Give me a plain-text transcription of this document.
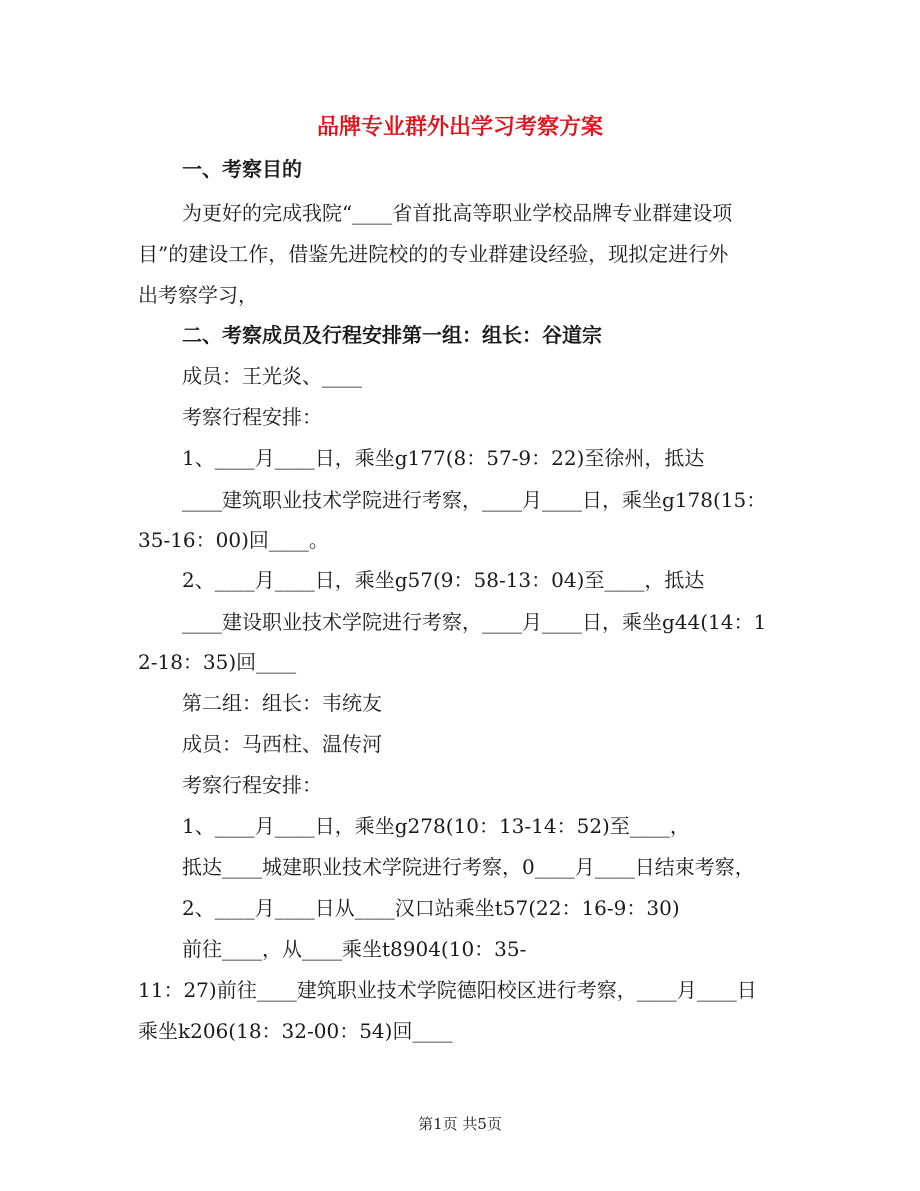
品牌专业群外出学习考察方案
一、考察目的
为更好的完成我院“____省首批高等职业学校品牌专业群建设项
目”的建设工作，借鉴先进院校的的专业群建设经验，现拟定进行外
出考察学习，
二、考察成员及行程安排第一组：组长：谷道宗
成员：王光炎、____
考察行程安排：
1、____月____日，乘坐g177(8：57-9：22)至徐州，抵达
____建筑职业技术学院进行考察，____月____日，乘坐g178(15：
35-16：00)回____。
2、____月____日，乘坐g57(9：58-13：04)至____，抵达
____建设职业技术学院进行考察，____月____日，乘坐g44(14：1
2-18：35)回____
第二组：组长：韦统友
成员：马西柱、温传河
考察行程安排：
1、____月____日，乘坐g278(10：13-14：52)至____，
抵达____城建职业技术学院进行考察，0____月____日结束考察，
2、____月____日从____汉口站乘坐t57(22：16-9：30)
前往____，从____乘坐t8904(10：35-
11：27)前往____建筑职业技术学院德阳校区进行考察，____月____日
乘坐k206(18：32-00：54)回____
第1页 共5页
